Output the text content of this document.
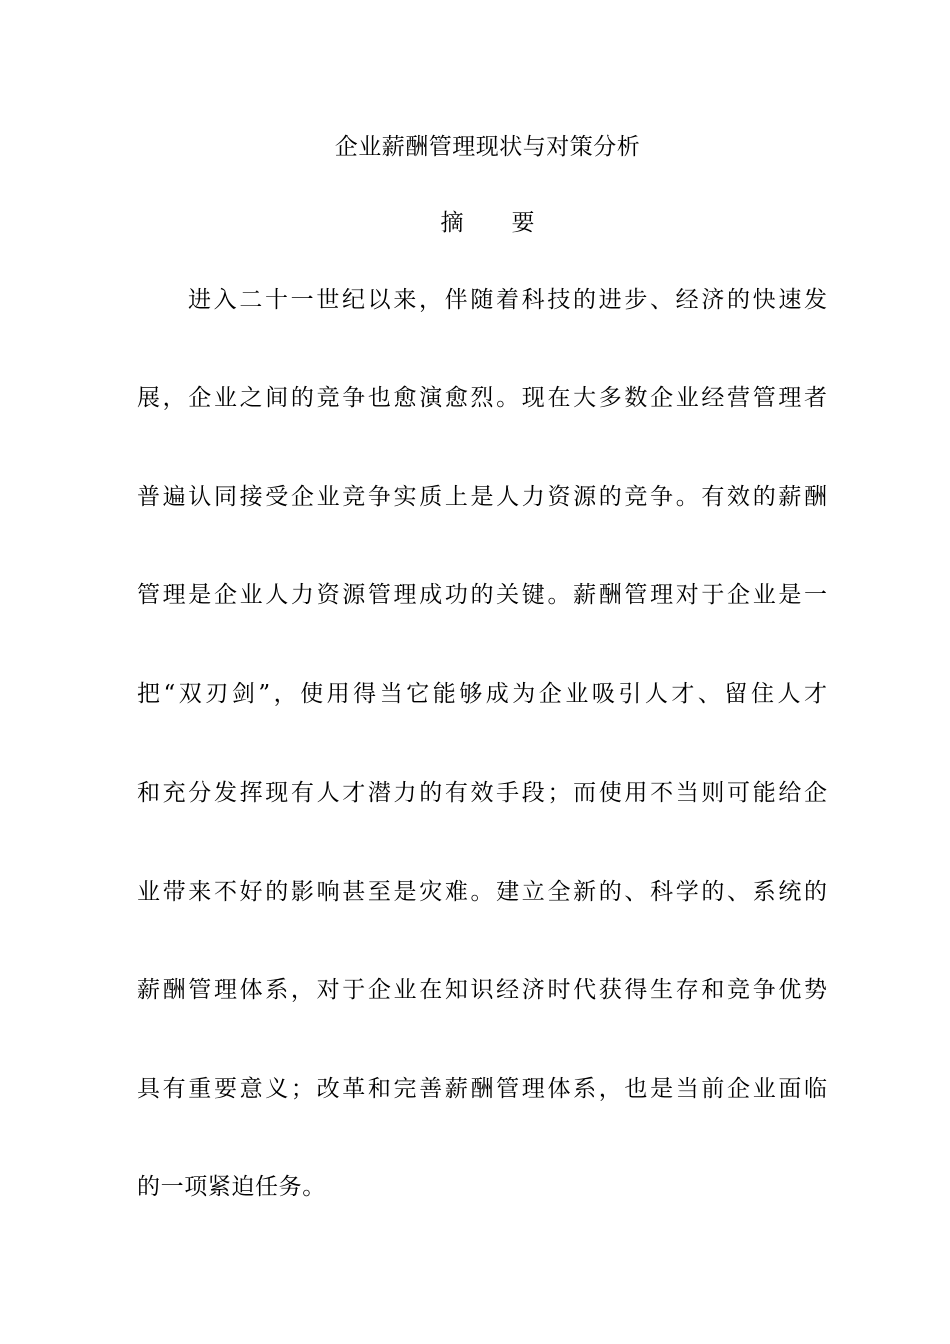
企业薪酬管理现状与对策分析
摘 要
进入二十一世纪以来，伴随着科技的进步、经济的快速发
展，企业之间的竞争也愈演愈烈。现在大多数企业经营管理者
普遍认同接受企业竞争实质上是人力资源的竞争。有效的薪酬
管理是企业人力资源管理成功的关键。薪酬管理对于企业是一
把“双刃剑”，使用得当它能够成为企业吸引人才、留住人才
和充分发挥现有人才潜力的有效手段；而使用不当则可能给企
业带来不好的影响甚至是灾难。建立全新的、科学的、系统的
薪酬管理体系，对于企业在知识经济时代获得生存和竞争优势
具有重要意义；改革和完善薪酬管理体系，也是当前企业面临
的一项紧迫任务。
